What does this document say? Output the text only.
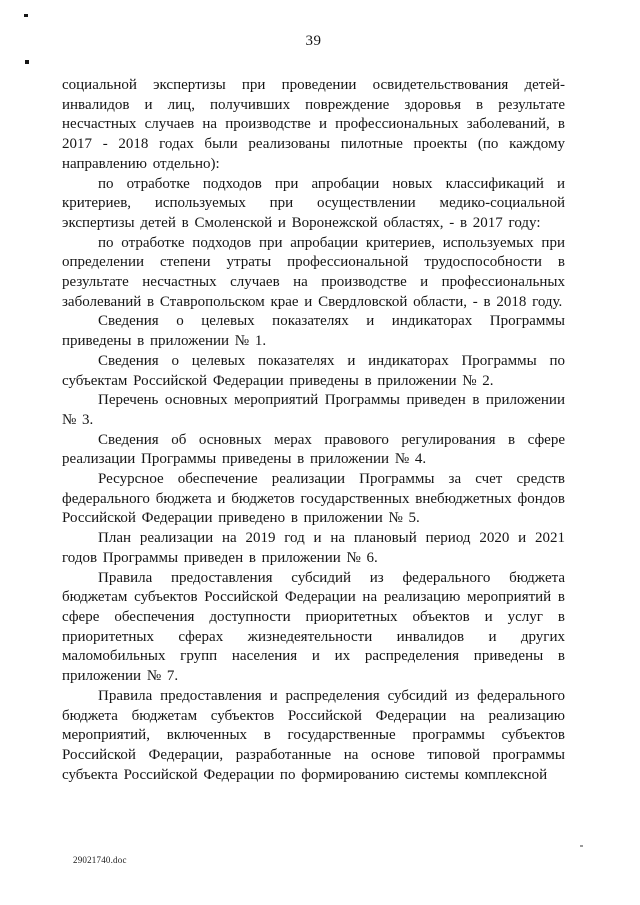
39

социальной экспертизы при проведении освидетельствования детей-инвалидов и лиц, получивших повреждение здоровья в результате несчастных случаев на производстве и профессиональных заболеваний, в 2017 - 2018 годах были реализованы пилотные проекты (по каждому направлению отдельно):

по отработке подходов при апробации новых классификаций и критериев, используемых при осуществлении медико-социальной экспертизы детей в Смоленской и Воронежской областях, - в 2017 году:

по отработке подходов при апробации критериев, используемых при определении степени утраты профессиональной трудоспособности в результате несчастных случаев на производстве и профессиональных заболеваний в Ставропольском крае и Свердловской области, - в 2018 году.

Сведения о целевых показателях и индикаторах Программы приведены в приложении № 1.

Сведения о целевых показателях и индикаторах Программы по субъектам Российской Федерации приведены в приложении № 2.

Перечень основных мероприятий Программы приведен в приложении № 3.

Сведения об основных мерах правового регулирования в сфере реализации Программы приведены в приложении № 4.

Ресурсное обеспечение реализации Программы за счет средств федерального бюджета и бюджетов государственных внебюджетных фондов Российской Федерации приведено в приложении № 5.

План реализации на 2019 год и на плановый период 2020 и 2021 годов Программы приведен в приложении № 6.

Правила предоставления субсидий из федерального бюджета бюджетам субъектов Российской Федерации на реализацию мероприятий в сфере обеспечения доступности приоритетных объектов и услуг в приоритетных сферах жизнедеятельности инвалидов и других маломобильных групп населения и их распределения приведены в приложении № 7.

Правила предоставления и распределения субсидий из федерального бюджета бюджетам субъектов Российской Федерации на реализацию мероприятий, включенных в государственные программы субъектов Российской Федерации, разработанные на основе типовой программы субъекта Российской Федерации по формированию системы комплексной

29021740.doc
